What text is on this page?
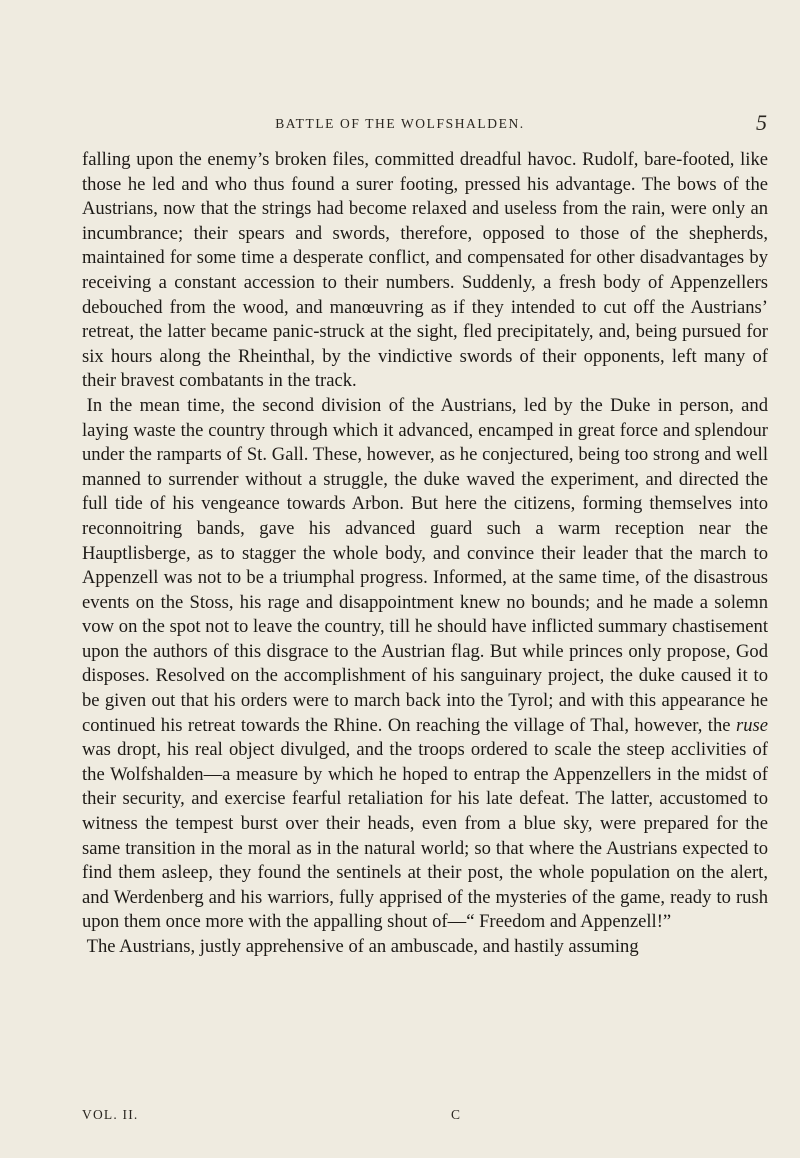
BATTLE OF THE WOLFSHALDEN.	5

falling upon the enemy’s broken files, committed dreadful havoc. Rudolf, bare-footed, like those he led and who thus found a surer footing, pressed his advantage. The bows of the Austrians, now that the strings had become relaxed and useless from the rain, were only an incumbrance; their spears and swords, therefore, opposed to those of the shepherds, maintained for some time a desperate conflict, and compensated for other disadvantages by receiving a constant accession to their numbers. Suddenly, a fresh body of Appenzellers debouched from the wood, and manœuvring as if they intended to cut off the Austrians’ retreat, the latter became panic-struck at the sight, fled precipitately, and, being pursued for six hours along the Rheinthal, by the vindictive swords of their opponents, left many of their bravest combatants in the track.

In the mean time, the second division of the Austrians, led by the Duke in person, and laying waste the country through which it advanced, encamped in great force and splendour under the ramparts of St. Gall. These, however, as he conjectured, being too strong and well manned to surrender without a struggle, the duke waved the experiment, and directed the full tide of his vengeance towards Arbon. But here the citizens, forming themselves into reconnoitring bands, gave his advanced guard such a warm reception near the Hauptlisberge, as to stagger the whole body, and convince their leader that the march to Appenzell was not to be a triumphal progress. Informed, at the same time, of the disastrous events on the Stoss, his rage and disappointment knew no bounds; and he made a solemn vow on the spot not to leave the country, till he should have inflicted summary chastisement upon the authors of this disgrace to the Austrian flag. But while princes only propose, God disposes. Resolved on the accomplishment of his sanguinary project, the duke caused it to be given out that his orders were to march back into the Tyrol; and with this appearance he continued his retreat towards the Rhine. On reaching the village of Thal, however, the ruse was dropt, his real object divulged, and the troops ordered to scale the steep acclivities of the Wolfshalden—a measure by which he hoped to entrap the Appenzellers in the midst of their security, and exercise fearful retaliation for his late defeat. The latter, accustomed to witness the tempest burst over their heads, even from a blue sky, were prepared for the same transition in the moral as in the natural world; so that where the Austrians expected to find them asleep, they found the sentinels at their post, the whole population on the alert, and Werdenberg and his warriors, fully apprised of the mysteries of the game, ready to rush upon them once more with the appalling shout of—“ Freedom and Appenzell!”

The Austrians, justly apprehensive of an ambuscade, and hastily assuming

VOL. II.	C
